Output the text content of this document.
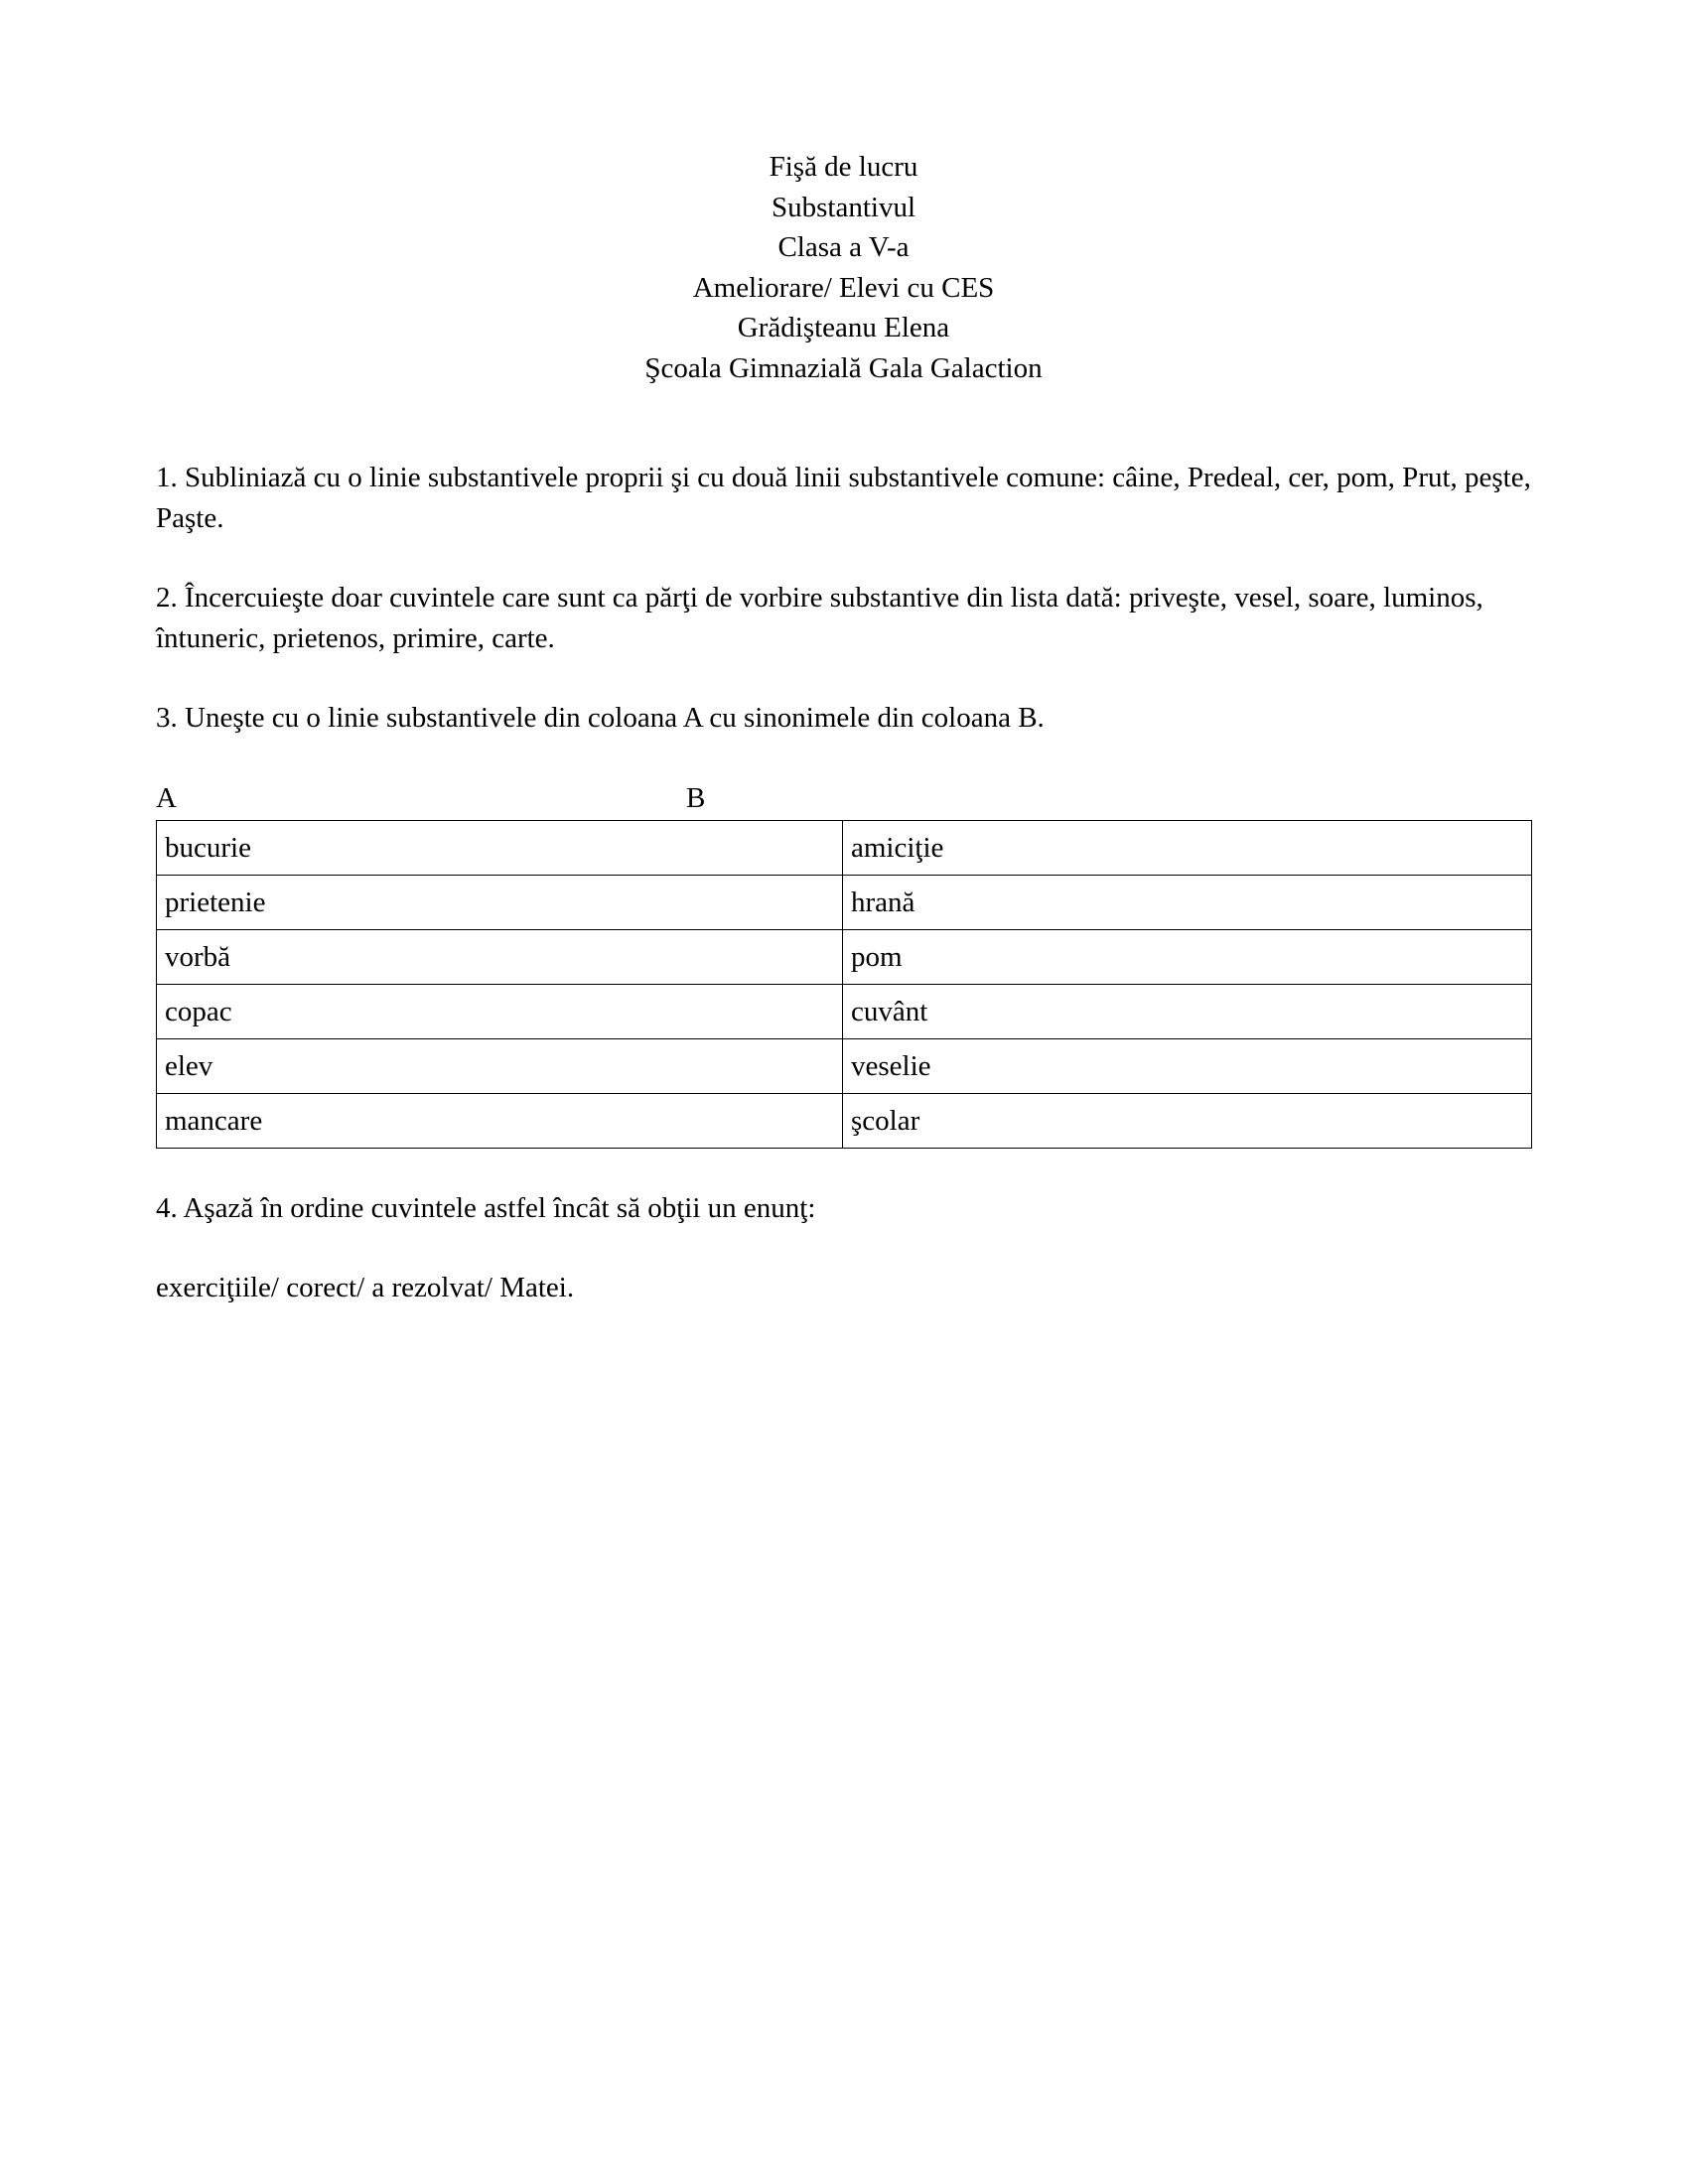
Fişă de lucru
Substantivul
Clasa a V-a
Ameliorare/ Elevi cu CES
Grădişteanu Elena
Şcoala Gimnazială Gala Galaction

1. Subliniază cu o linie substantivele proprii şi cu două linii substantivele comune: câine, Predeal, cer, pom, Prut, peşte, Paşte.

2. Încercuieşte doar cuvintele care sunt ca părţi de vorbire substantive din lista dată: priveşte, vesel, soare, luminos, întuneric, prietenos, primire, carte.

3. Uneşte cu o linie substantivele din coloana A cu sinonimele din coloana B.

A	B
bucurie	amiciţie
prietenie	hrană
vorbă	pom
copac	cuvânt
elev	veselie
mancare	şcolar

4. Aşază în ordine cuvintele astfel încât să obţii un enunţ:

exerciţiile/ corect/ a rezolvat/ Matei.
